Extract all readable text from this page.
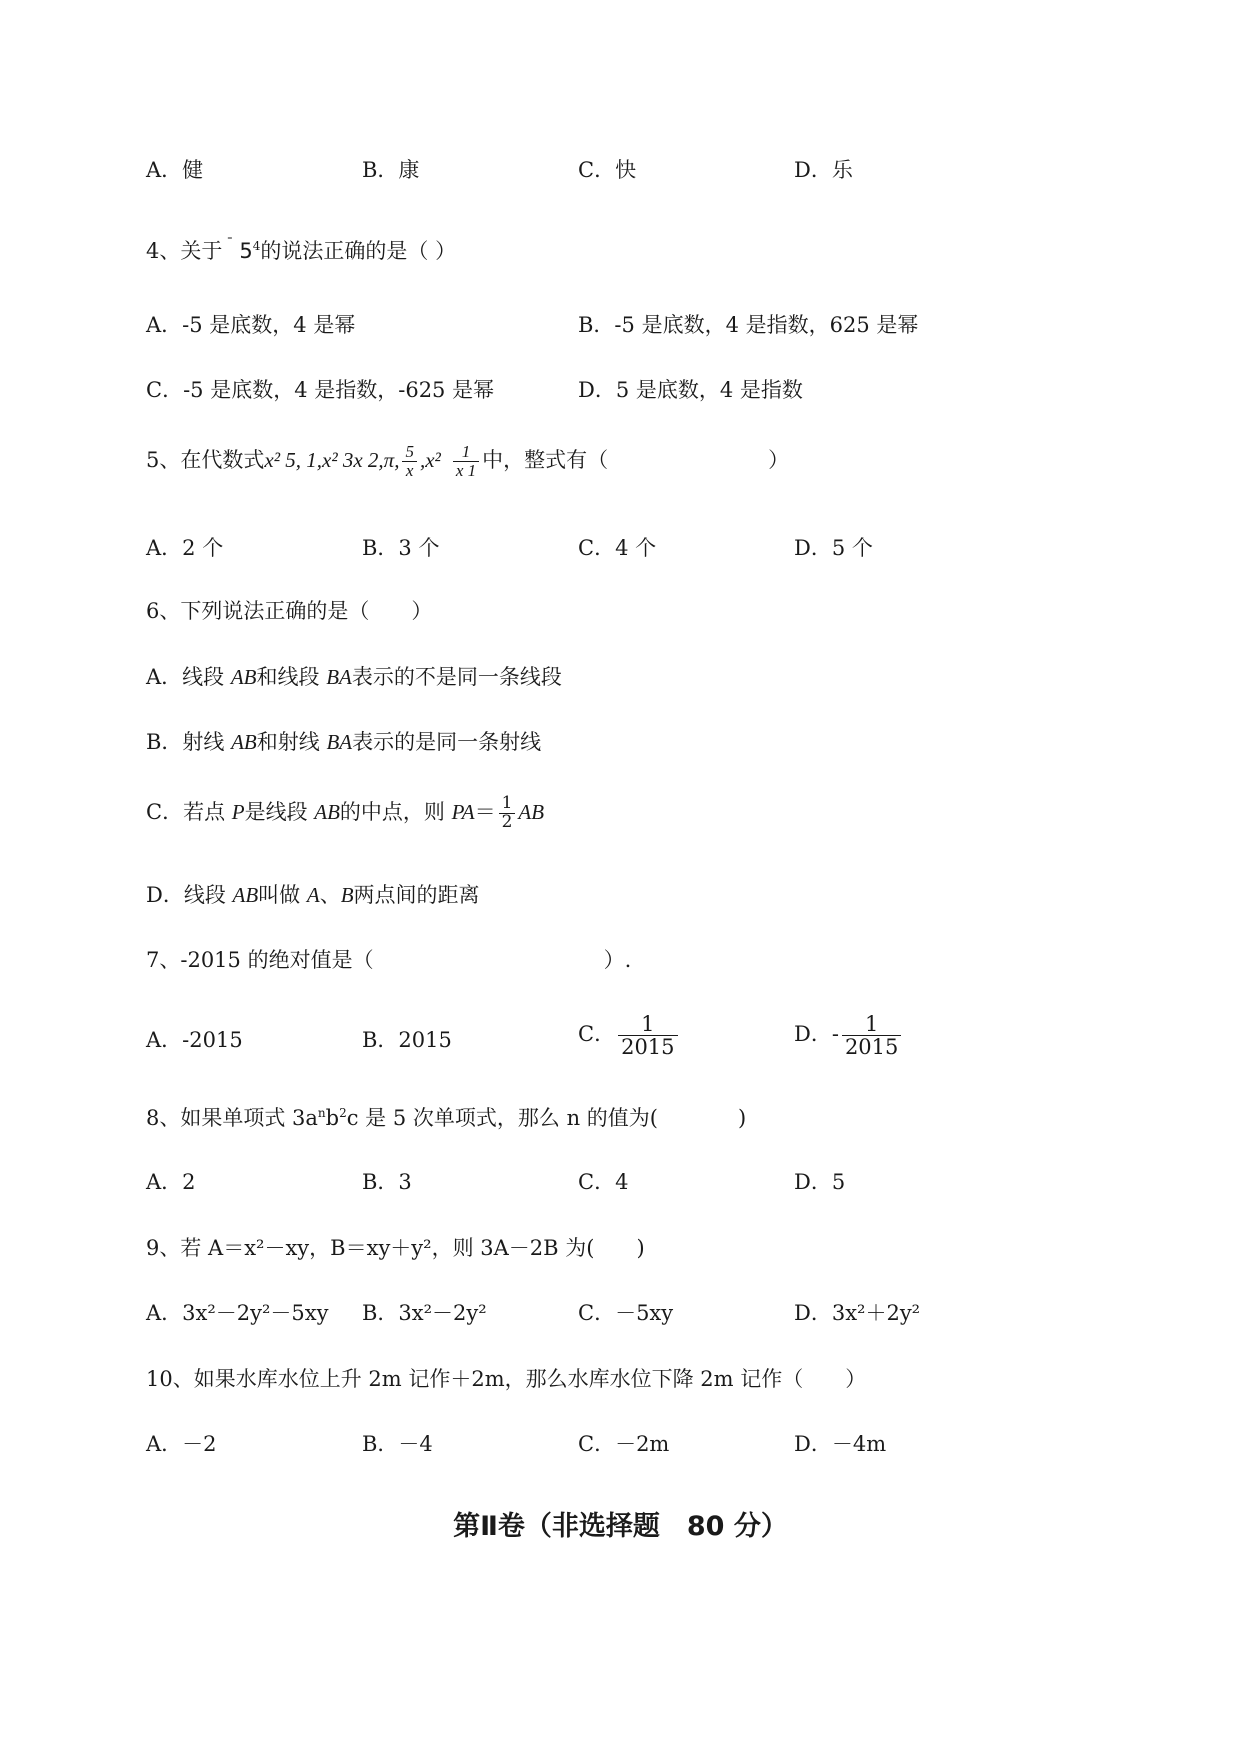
A．健	B．康	C．快	D．乐
4、关于 $^ˉ$ $5^4$的说法正确的是（ ）
A．-5 是底数，4 是幂	B．-5 是底数，4 是指数，625 是幂
C．-5 是底数，4 是指数，-625 是幂	D．5 是底数，4 是指数
5、在代数式x² 5, 1,x² 3x 2,π, $\frac{5}{x} ,x^2 \frac{1}{x 1}$ 中，整式有（	）
A．2 个	B．3 个	C．4 个	D．5 个
6、下列说法正确的是（　　）
A．线段 AB和线段 BA表示的不是同一条线段
B．射线 AB和射线 BA表示的是同一条射线
C．若点 P是线段 AB的中点，则 $PA= \frac{1}{2}$ AB
D．线段 AB叫做 A、B两点间的距离
7、-2015 的绝对值是（	）.
A．-2015	B．2015	C． $\frac{1}{2015}$	D．- $\frac{1}{2015}$
8、如果单项式 $3a^nb^2c$ 是 5 次单项式，那么 n 的值为(	)
A．2	B．3	C．4	D．5
9、若 A＝x²－xy，B＝xy＋y²，则 3A－2B 为(　　)
A．3x²－2y²－5xy B．3x²－2y²	C．－5xy	D．3x²＋2y²
10、如果水库水位上升 2m 记作＋2m，那么水库水位下降 2m 记作（　　）
A．－2	B．－4	C．－2m	D．－4m
第Ⅱ卷（非选择题　80 分）
